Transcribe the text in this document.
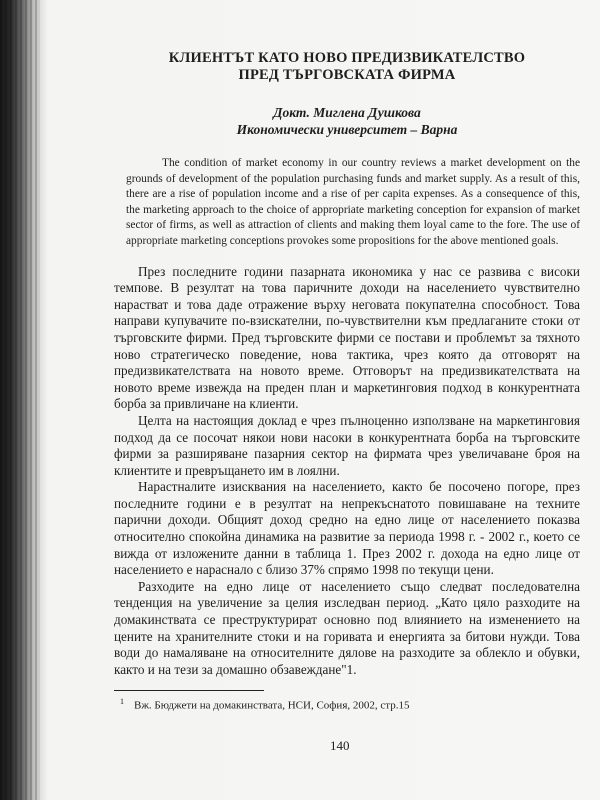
КЛИЕНТЪТ КАТО НОВО ПРЕДИЗВИКАТЕЛСТВО

ПРЕД ТЪРГОВСКАТА ФИРМА

Докт. Миглена Душкова

Икономически университет – Варна

The condition of market economy in our country reviews a market development on the grounds of development of the population purchasing funds and market supply. As a result of this, there are a rise of population income and a rise of per capita expenses. As a consequence of this, the marketing approach to the choice of appropriate marketing conception for expansion of market sector of firms, as well as attraction of clients and making them loyal came to the fore. The use of appropriate marketing conceptions provokes some propositions for the above mentioned goals.

През последните години пазарната икономика у нас се развива с високи темпове. В резултат на това паричните доходи на населението чувствително нарастват и това даде отражение върху неговата покупателна способност. Това направи купувачите по-взискателни, по-чувствителни към предлаганите стоки от търговските фирми. Пред търговските фирми се постави и проблемът за тяхното ново стратегическо поведение, нова тактика, чрез която да отговорят на предизвикателствата на новото време. Отговорът на предизвикателствата на новото време извежда на преден план и маркетинговия подход в конкурентната борба за привличане на клиенти.

Целта на настоящия доклад е чрез пълноценно използване на маркетинговия подход да се посочат някои нови насоки в конкурентната борба на търговските фирми за разширяване пазарния сектор на фирмата чрез увеличаване броя на клиентите и превръщането им в лоялни.

Нарастналите изисквания на населението, както бе посочено погоре, през последните години е в резултат на непрекъснатото повишаване на техните парични доходи. Общият доход средно на едно лице от населението показва относително спокойна динамика на развитие за периода 1998 г. - 2002 г., което се вижда от изложените данни в таблица 1. През 2002 г. дохода на едно лице от населението е нараснало с близо 37% спрямо 1998 по текущи цени.

Разходите на едно лице от населението също следват последователна тенденция на увеличение за целия изследван период. „Като цяло разходите на домакинствата се преструктурират основно под влиянието на изменението на цените на хранителните стоки и на горивата и енергията за битови нужди. Това води до намаляване на относителните дялове на разходите за облекло и обувки, както и на тези за домашно обзавеждане"1.

$^1$ Вж. Бюджети на домакинствата, НСИ, София, 2002, стр.15
140
